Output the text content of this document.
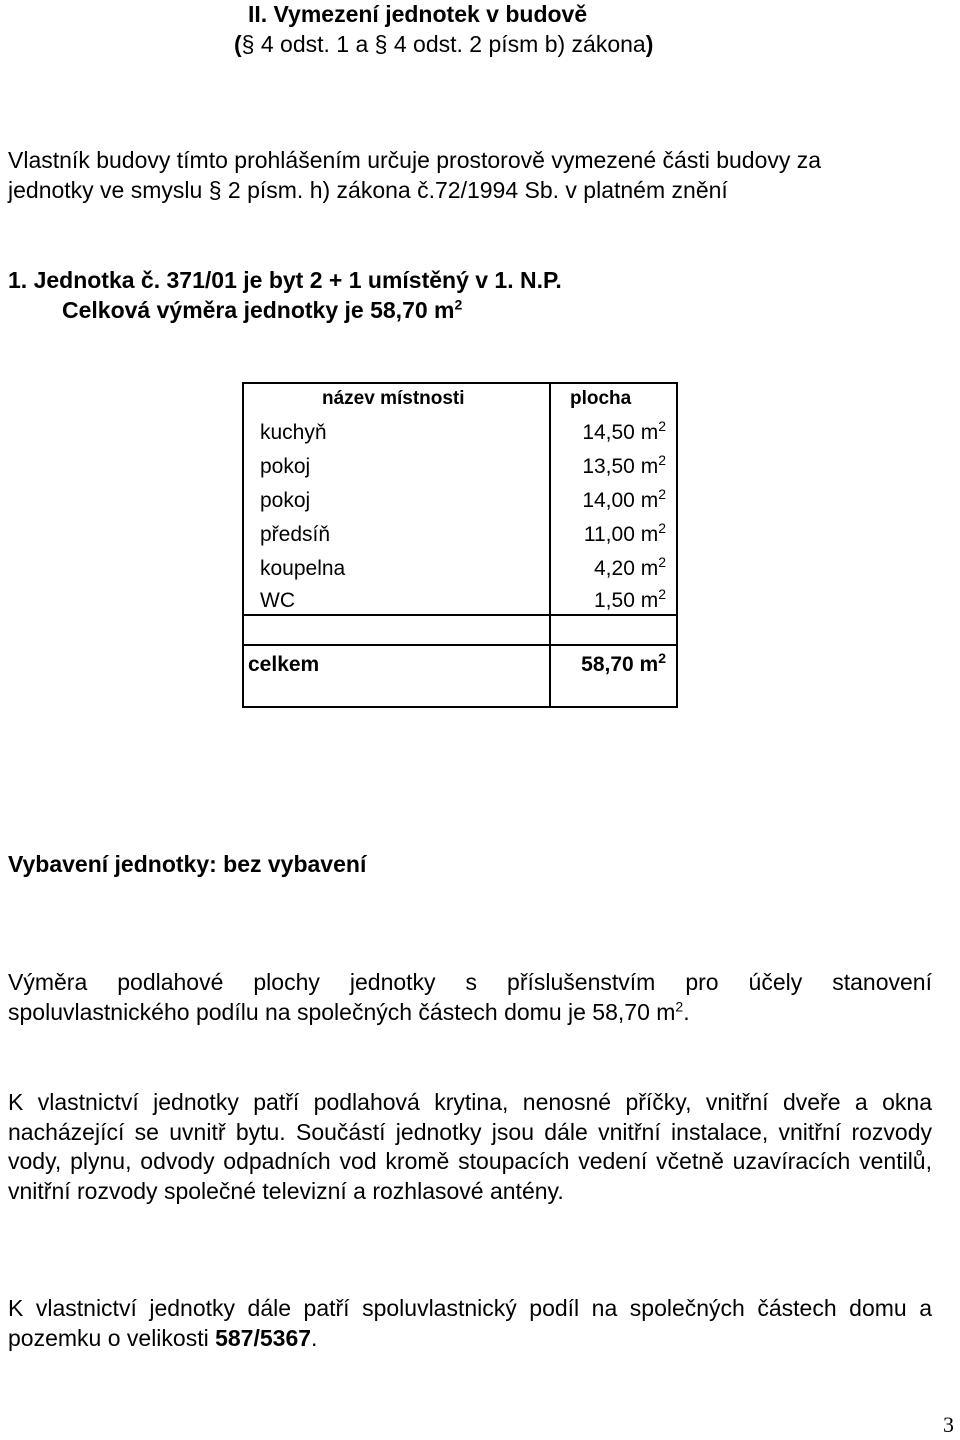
II. Vymezení jednotek v budově
(§ 4 odst. 1 a § 4 odst. 2 písm b) zákona)
Vlastník budovy tímto prohlášením určuje prostorově vymezené části budovy za
jednotky ve smyslu § 2 písm. h) zákona č.72/1994 Sb. v platném znění
1. Jednotka č. 371/01 je byt 2 + 1 umístěný v 1. N.P.
Celková výměra jednotky je 58,70 $m^2$
název místnosti	plocha
kuchyň	14,50 $m^2$
pokoj	13,50 $m^2$
pokoj	14,00 $m^2$
předsíň	11,00 $m^2$
koupelna	4,20 $m^2$
WC	1,50 $m^2$
celkem	58,70 $m^2$
Vybavení jednotky: bez vybavení
Výměra podlahové plochy jednotky s příslušenstvím pro účely stanovení
spoluvlastnického podílu na společných částech domu je 58,70 $m^2$.
K vlastnictví jednotky patří podlahová krytina, nenosné příčky, vnitřní dveře a okna nacházející se uvnitř bytu. Součástí jednotky jsou dále vnitřní instalace, vnitřní rozvody vody, plynu, odvody odpadních vod kromě stoupacích vedení včetně uzavíracích ventilů, vnitřní rozvody společné televizní a rozhlasové antény.
K vlastnictví jednotky dále patří spoluvlastnický podíl na společných částech domu a pozemku o velikosti 587/5367.
3
